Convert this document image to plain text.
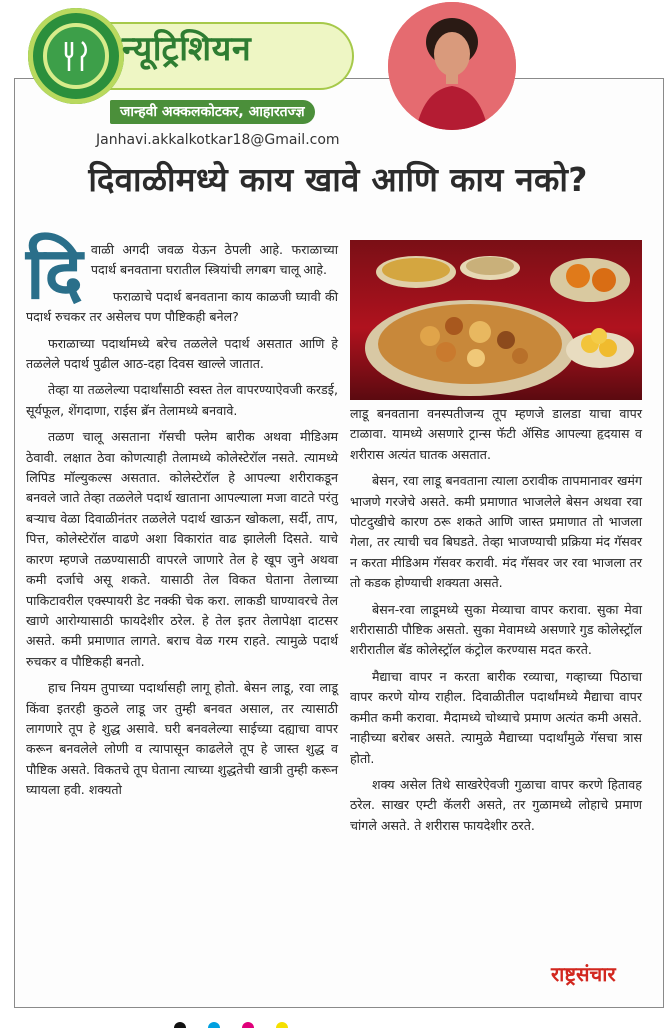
न्यूट्रिशियन
जान्हवी अक्कलकोटकर, आहारतज्ज्ञ
Janhavi.akkalkotkar18@Gmail.com
दिवाळीमध्ये काय खावे आणि काय नको?
दि वाळी अगदी जवळ येऊन ठेपली आहे. फराळाच्या पदार्थ बनवताना घरातील स्त्रियांची लगबग चालू आहे.

फराळाचे पदार्थ बनवताना काय काळजी घ्यावी की पदार्थ रुचकर तर असेलच पण पौष्टिकही बनेल?

फराळाच्या पदार्थामध्ये बरेच तळलेले पदार्थ असतात आणि हे तळलेले पदार्थ पुढील आठ-दहा दिवस खाल्ले जातात.

तेव्हा या तळलेल्या पदार्थांसाठी स्वस्त तेल वापरण्याऐवजी करडई, सूर्यफूल, शेंगदाणा, राईस ब्रॅन तेलामध्ये बनवावे.

तळण चालू असताना गॅसची फ्लेम बारीक अथवा मीडिअम ठेवावी. लक्षात ठेवा कोणत्याही तेलामध्ये कोलेस्टेरॉल नसते. त्यामध्ये लिपिड मॉल्युकल्स असतात. कोलेस्टेरॉल हे आपल्या शरीराकडून बनवले जाते तेव्हा तळलेले पदार्थ खाताना आपल्याला मजा वाटते परंतु बऱ्याच वेळा दिवाळीनंतर तळलेले पदार्थ खाऊन खोकला, सर्दी, ताप, पित्त, कोलेस्टेरॉल वाढणे अशा विकारांत वाढ झालेली दिसते. याचे कारण म्हणजे तळण्यासाठी वापरले जाणारे तेल हे खूप जुने अथवा कमी दर्जाचे असू शकते. यासाठी तेल विकत घेताना तेलाच्या पाकिटावरील एक्स्पायरी डेट नक्की चेक करा. लाकडी घाण्यावरचे तेल खाणे आरोग्यासाठी फायदेशीर ठरेल. हे तेल इतर तेलापेक्षा दाटसर असते. कमी प्रमाणात लागते. बराच वेळ गरम राहते. त्यामुळे पदार्थ रुचकर व पौष्टिकही बनतो.

हाच नियम तुपाच्या पदार्थासही लागू होतो. बेसन लाडू, रवा लाडू किंवा इतरही कुठले लाडू जर तुम्ही बनवत असाल, तर त्यासाठी लागणारे तूप हे शुद्ध असावे. घरी बनवलेल्या साईच्या दह्याचा वापर करून बनवलेले लोणी व त्यापासून काढलेले तूप हे जास्त शुद्ध व पौष्टिक असते. विकतचे तूप घेताना त्याच्या शुद्धतेची खात्री तुम्ही करून घ्यायला हवी. शक्यतो

लाडू बनवताना वनस्पतीजन्य तूप म्हणजे डालडा याचा वापर टाळावा. यामध्ये असणारे ट्रान्स फॅटी ॲसिड आपल्या हृदयास व शरीरास अत्यंत घातक असतात.

बेसन, रवा लाडू बनवताना त्याला ठरावीक तापमानावर खमंग भाजणे गरजेचे असते. कमी प्रमाणात भाजलेले बेसन अथवा रवा पोटदुखीचे कारण ठरू शकते आणि जास्त प्रमाणात तो भाजला गेला, तर त्याची चव बिघडते. तेव्हा भाजण्याची प्रक्रिया मंद गॅसवर न करता मीडिअम गॅसवर करावी. मंद गॅसवर जर रवा भाजला तर तो कडक होण्याची शक्यता असते.

बेसन-रवा लाडूमध्ये सुका मेव्याचा वापर करावा. सुका मेवा शरीरासाठी पौष्टिक असतो. सुका मेवामध्ये असणारे गुड कोलेस्ट्रॉल शरीरातील बॅड कोलेस्ट्रॉल कंट्रोल करण्यास मदत करते.

मैद्याचा वापर न करता बारीक रव्याचा, गव्हाच्या पिठाचा वापर करणे योग्य राहील. दिवाळीतील पदार्थांमध्ये मैद्याचा वापर कमीत कमी करावा. मैदामध्ये चोथ्याचे प्रमाण अत्यंत कमी असते. नाहीच्या बरोबर असते. त्यामुळे मैद्याच्या पदार्थांमुळे गॅसचा त्रास होतो.

शक्य असेल तिथे साखरेऐवजी गुळाचा वापर करणे हितावह ठरेल. साखर एम्टी कॅलरी असते, तर गुळामध्ये लोहाचे प्रमाण चांगले असते. ते शरीरास फायदेशीर ठरते.

राष्ट्रसंचार
